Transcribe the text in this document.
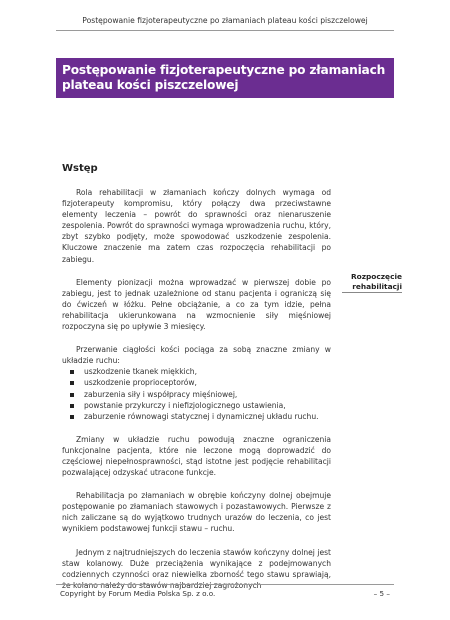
Postępowanie fizjoterapeutyczne po złamaniach plateau kości piszczelowej
Postępowanie fizjoterapeutyczne po złamaniach
plateau kości piszczelowej
Wstęp
Rozpoczęcie
rehabilitacji

Rola rehabilitacji w złamaniach kończy dolnych wymaga od fizjoterapeuty kompromisu, który połączy dwa przeciwstawne elementy leczenia – powrót do sprawności oraz nienaruszenie zespolenia. Powrót do sprawności wymaga wprowadzenia ruchu, który, zbyt szybko podjęty, może spowodować uszkodzenie zespolenia. Kluczowe znaczenie ma zatem czas rozpoczęcia rehabilitacji po zabiegu.

Elementy pionizacji można wprowadzać w pierwszej dobie po zabiegu, jest to jednak uzależnione od stanu pacjenta i ograniczą się do ćwiczeń w łóżku. Pełne obciążanie, a co za tym idzie, pełna rehabilitacja ukierunkowana na wzmocnienie siły mięśniowej rozpoczyna się po upływie 3 miesięcy.

Przerwanie ciągłości kości pociąga za sobą znaczne zmiany w układzie ruchu:

uszkodzenie tkanek miękkich,
uszkodzenie proprioceptorów,
zaburzenia siły i współpracy mięśniowej,
powstanie przykurczy i niefizjologicznego ustawienia,
zaburzenie równowagi statycznej i dynamicznej układu ruchu.

Zmiany w układzie ruchu powodują znaczne ograniczenia funkcjonalne pacjenta, które nie leczone mogą doprowadzić do częściowej niepełnosprawności, stąd istotne jest podjęcie rehabilitacji pozwalającej odzyskać utracone funkcje.

Rehabilitacja po złamaniach w obrębie kończyny dolnej obejmuje postępowanie po złamaniach stawowych i pozastawowych. Pierwsze z nich zaliczane są do wyjątkowo trudnych urazów do leczenia, co jest wynikiem podstawowej funkcji stawu – ruchu.

Jednym z najtrudniejszych do leczenia stawów kończyny dolnej jest staw kolanowy. Duże przeciążenia wynikające z podejmowanych codziennych czynności oraz niewielka zborność tego stawu sprawiają, że kolano należy do stawów najbardziej zagrożonych

Copyright by Forum Media Polska Sp. z o.o.	– 5 –
